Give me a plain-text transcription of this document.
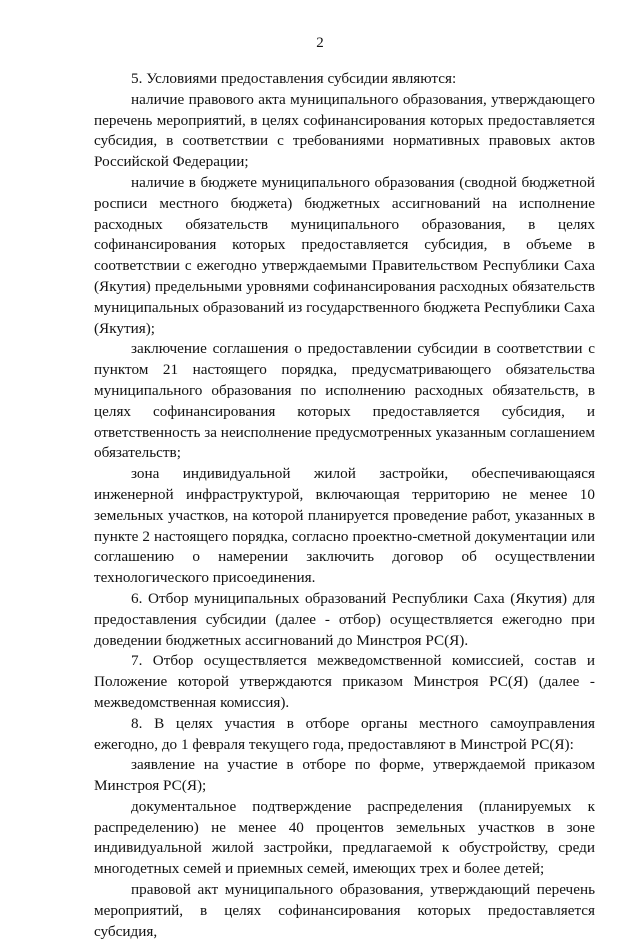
2

5. Условиями предоставления субсидии являются:

наличие правового акта муниципального образования, утверждающего перечень мероприятий, в целях софинансирования которых предоставляется субсидия, в соответствии с требованиями нормативных правовых актов Российской Федерации;

наличие в бюджете муниципального образования (сводной бюджетной росписи местного бюджета) бюджетных ассигнований на исполнение расходных обязательств муниципального образования, в целях софинансирования которых предоставляется субсидия, в объеме в соответствии с ежегодно утверждаемыми Правительством Республики Саха (Якутия) предельными уровнями софинансирования расходных обязательств муниципальных образований из государственного бюджета Республики Саха (Якутия);

заключение соглашения о предоставлении субсидии в соответствии с пунктом 21 настоящего порядка, предусматривающего обязательства муниципального образования по исполнению расходных обязательств, в целях софинансирования которых предоставляется субсидия, и ответственность за неисполнение предусмотренных указанным соглашением обязательств;

зона индивидуальной жилой застройки, обеспечивающаяся инженерной инфраструктурой, включающая территорию не менее 10 земельных участков, на которой планируется проведение работ, указанных в пункте 2 настоящего порядка, согласно проектно-сметной документации или соглашению о намерении заключить договор об осуществлении технологического присоединения.

6. Отбор муниципальных образований Республики Саха (Якутия) для предоставления субсидии (далее - отбор) осуществляется ежегодно при доведении бюджетных ассигнований до Минстроя РС(Я).

7. Отбор осуществляется межведомственной комиссией, состав и Положение которой утверждаются приказом Минстроя РС(Я) (далее - межведомственная комиссия).

8. В целях участия в отборе органы местного самоуправления ежегодно, до 1 февраля текущего года, предоставляют в Минстрой РС(Я):

заявление на участие в отборе по форме, утверждаемой приказом Минстроя РС(Я);

документальное подтверждение распределения (планируемых к распределению) не менее 40 процентов земельных участков в зоне индивидуальной жилой застройки, предлагаемой к обустройству, среди многодетных семей и приемных семей, имеющих трех и более детей;

правовой акт муниципального образования, утверждающий перечень мероприятий, в целях софинансирования которых предоставляется субсидия,
